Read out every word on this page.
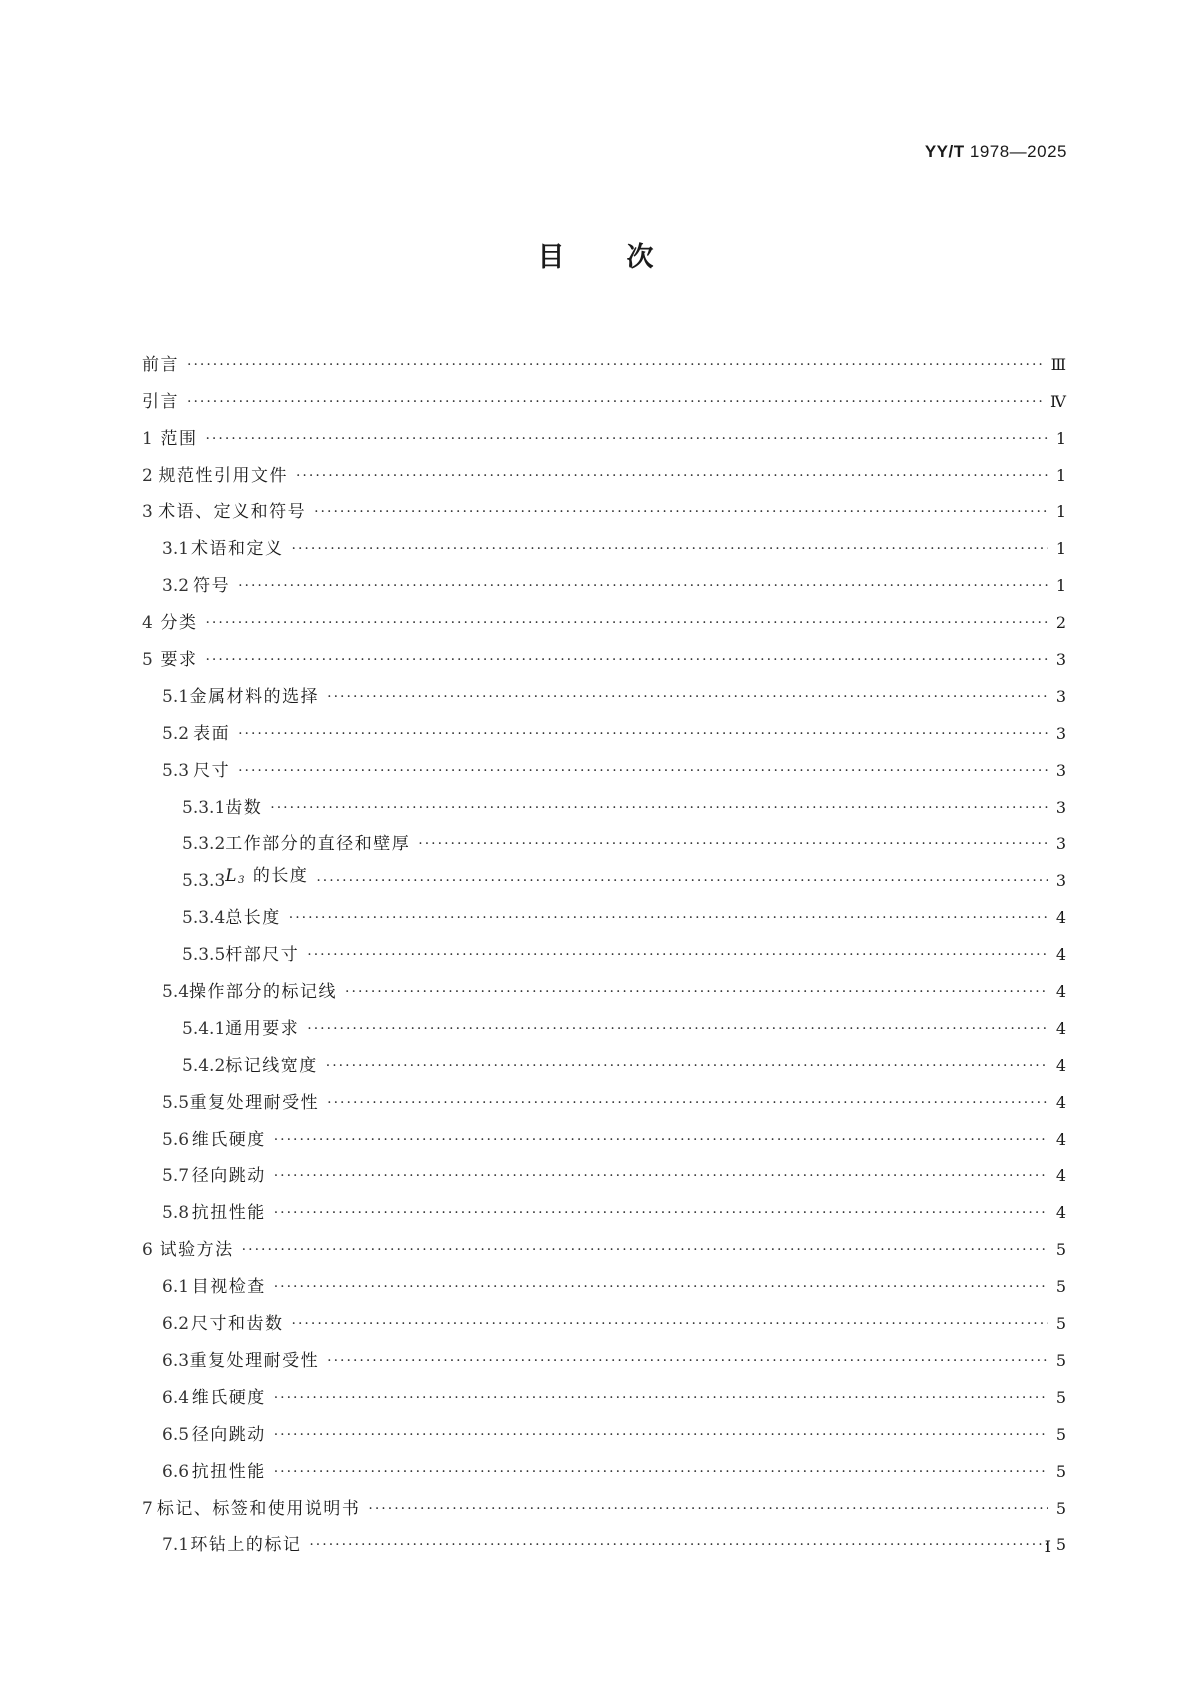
YY/T 1978—2025
目 次
前言 ·····	Ⅲ
引言 ·····	Ⅳ
1 范围 ·····	1
2 规范性引用文件 ·····	1
3 术语、定义和符号 ·····	1
3.1 术语和定义 ·····	1
3.2 符号 ·····	1
4 分类 ·····	2
5 要求 ·····	3
5.1 金属材料的选择 ·····	3
5.2 表面 ·····	3
5.3 尺寸 ·····	3
5.3.1 齿数 ·····	3
5.3.2 工作部分的直径和壁厚 ·····	3
5.3.3 $L_3$ 的长度 ·····	3
5.3.4 总长度 ·····	4
5.3.5 杆部尺寸 ·····	4
5.4 操作部分的标记线 ·····	4
5.4.1 通用要求 ·····	4
5.4.2 标记线宽度 ·····	4
5.5 重复处理耐受性 ·····	4
5.6 维氏硬度 ·····	4
5.7 径向跳动 ·····	4
5.8 抗扭性能 ·····	4
6 试验方法 ·····	5
6.1 目视检查 ·····	5
6.2 尺寸和齿数 ·····	5
6.3 重复处理耐受性 ·····	5
6.4 维氏硬度 ·····	5
6.5 径向跳动 ·····	5
6.6 抗扭性能 ·····	5
7 标记、标签和使用说明书 ·····	5
7.1 环钻上的标记 ·····	5
Ⅰ
